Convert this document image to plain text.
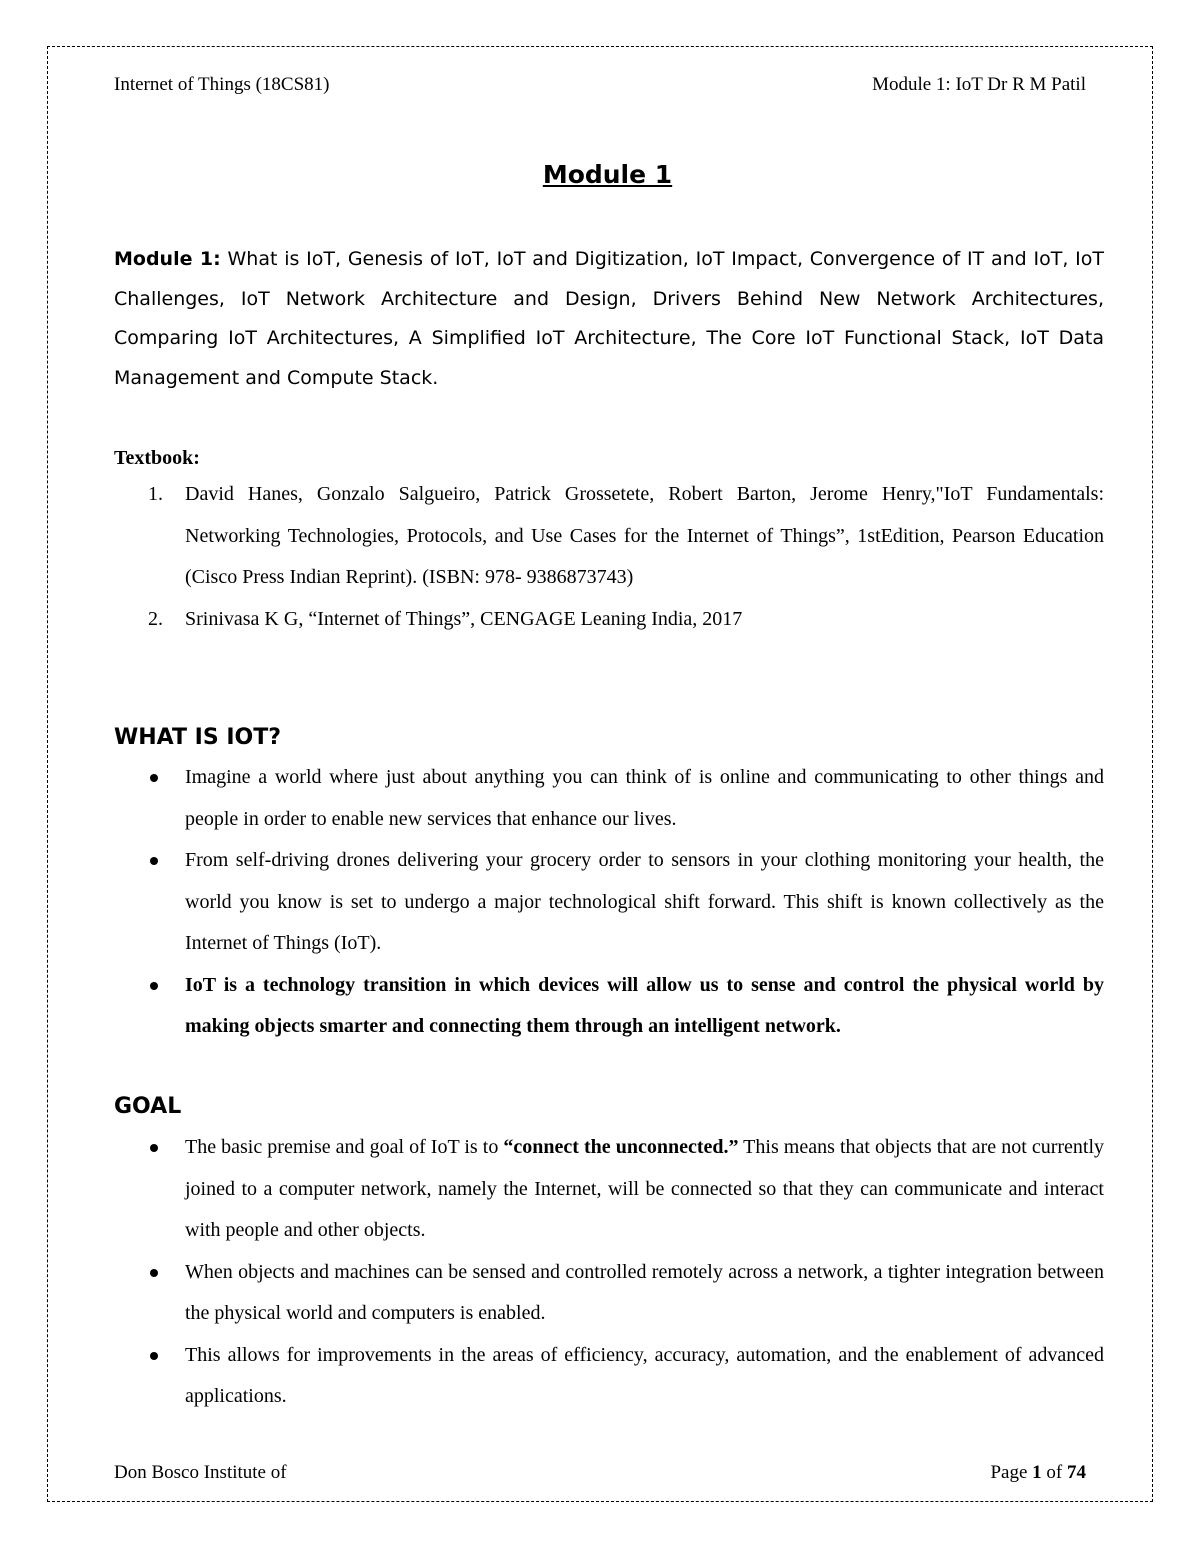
Internet of Things (18CS81)	Module 1: IoT Dr R M Patil
Module 1
Module 1: What is IoT, Genesis of IoT, IoT and Digitization, IoT Impact, Convergence of IT and IoT, IoT Challenges, IoT Network Architecture and Design, Drivers Behind New Network Architectures, Comparing IoT Architectures, A Simplified IoT Architecture, The Core IoT Functional Stack, IoT Data Management and Compute Stack.
Textbook:
1. David Hanes, Gonzalo Salgueiro, Patrick Grossetete, Robert Barton, Jerome Henry,"IoT Fundamentals: Networking Technologies, Protocols, and Use Cases for the Internet of Things”, 1stEdition, Pearson Education (Cisco Press Indian Reprint). (ISBN: 978- 9386873743)
2. Srinivasa K G, “Internet of Things”, CENGAGE Leaning India, 2017
WHAT IS IOT?
Imagine a world where just about anything you can think of is online and communicating to other things and people in order to enable new services that enhance our lives.
From self-driving drones delivering your grocery order to sensors in your clothing monitoring your health, the world you know is set to undergo a major technological shift forward. This shift is known collectively as the Internet of Things (IoT).
IoT is a technology transition in which devices will allow us to sense and control the physical world by making objects smarter and connecting them through an intelligent network.
GOAL
The basic premise and goal of IoT is to “connect the unconnected.” This means that objects that are not currently joined to a computer network, namely the Internet, will be connected so that they can communicate and interact with people and other objects.
When objects and machines can be sensed and controlled remotely across a network, a tighter integration between the physical world and computers is enabled.
This allows for improvements in the areas of efficiency, accuracy, automation, and the enablement of advanced applications.
Don Bosco Institute of	Page 1 of 74
